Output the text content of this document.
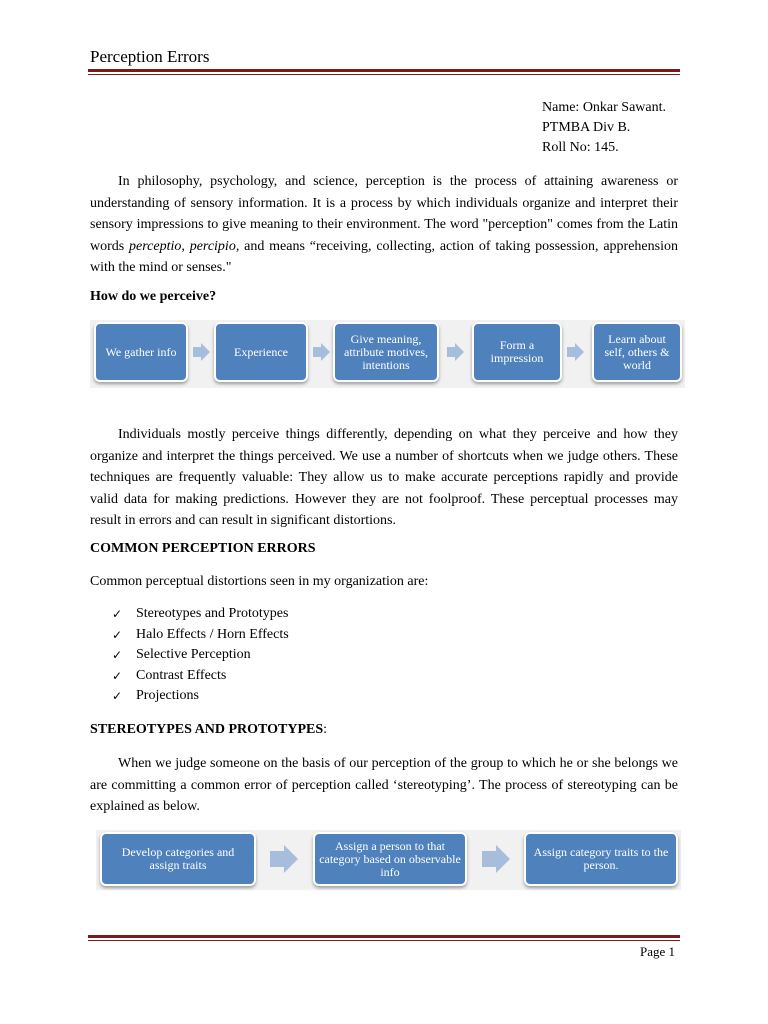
Perception Errors
Name: Onkar Sawant.
PTMBA Div B.
Roll No: 145.
In philosophy, psychology, and science, perception is the process of attaining awareness or understanding of sensory information. It is a process by which individuals organize and interpret their sensory impressions to give meaning to their environment. The word "perception" comes from the Latin words perceptio, percipio, and means “receiving, collecting, action of taking possession, apprehension with the mind or senses."
How do we perceive?
We gather info	Experience
Give meaning, attribute motives, intentions
Form a impression
Learn about self, others & world
Individuals mostly perceive things differently, depending on what they perceive and how they organize and interpret the things perceived. We use a number of shortcuts when we judge others. These techniques are frequently valuable: They allow us to make accurate perceptions rapidly and provide valid data for making predictions. However they are not foolproof. These perceptual processes may result in errors and can result in significant distortions.
COMMON PERCEPTION ERRORS
Common perceptual distortions seen in my organization are:
✓ Stereotypes and Prototypes
✓ Halo Effects / Horn Effects
✓ Selective Perception
✓ Contrast Effects
✓ Projections
STEREOTYPES AND PROTOTYPES:
When we judge someone on the basis of our perception of the group to which he or she belongs we are committing a common error of perception called ‘stereotyping’. The process of stereotyping can be explained as below.
Develop categories and assign traits
Assign a person to that category based on observable info
Assign category traits to the person.
Page 1
